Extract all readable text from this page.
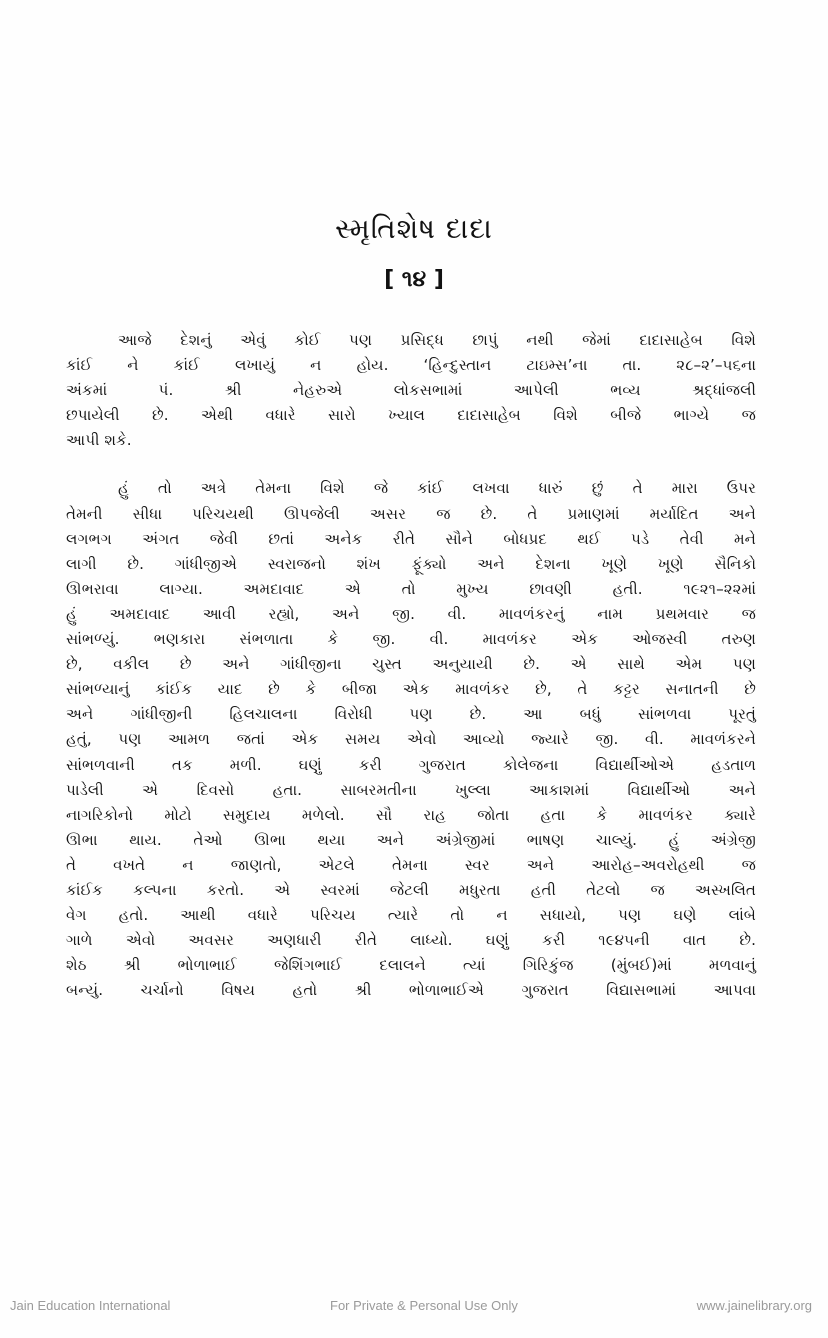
સ્મૃતિશેષ દાદા
[ ૧૪ ]
આજે દેશનું એવું કોઈ પણ પ્રસિદ્ધ છાપું નથી જેમાં દાદાસાહેબ વિશે
કાંઈ ને કાંઈ લખાયું ન હોય. ‘હિન્દુસ્તાન ટાઇમ્સ’ના તા. ૨૮–૨’–૫૬ના
અંકમાં પં. શ્રી નેહરુએ લોકસભામાં આપેલી ભવ્ય શ્રદ્ધાંજલી
છપાયેલી છે. એથી વધારે સારો ખ્યાલ દાદાસાહેબ વિશે બીજે ભાગ્યે જ
આપી શકે.
હું તો અત્રે તેમના વિશે જે કાંઈ લખવા ધારું છું તે મારા ઉપર
તેમની સીધા પરિચયથી ઊપજેલી અસર જ છે. તે પ્રમાણમાં મર્યાદિત અને
લગભગ અંગત જેવી છતાં અનેક રીતે સૌને બોધપ્રદ થઈ પડે તેવી મને
લાગી છે. ગાંધીજીએ સ્વરાજનો શંખ ફૂંક્યો અને દેશના ખૂણે ખૂણે સૈનિકો
ઊભરાવા લાગ્યા. અમદાવાદ એ તો મુખ્ય છાવણી હતી. ૧૯૨૧–૨૨માં
હું અમદાવાદ આવી રહ્યો, અને જી. વી. માવળંકરનું નામ પ્રથમવાર જ
સાંભળ્યું. ભણકારા સંભળાતા કે જી. વી. માવળંકર એક ઓજસ્વી તરુણ
છે, વકીલ છે અને ગાંધીજીના ચુસ્ત અનુયાયી છે. એ સાથે એમ પણ
સાંભળ્યાનું કાંઈક યાદ છે કે બીજા એક માવળંકર છે, તે કટ્ટર સનાતની છે
અને ગાંધીજીની હિલચાલના વિરોધી પણ છે. આ બધું સાંભળવા પૂરતું
હતું, પણ આમળ જતાં એક સમય એવો આવ્યો જ્યારે જી. વી. માવળંકરને
સાંભળવાની તક મળી. ઘણું કરી ગુજરાત કોલેજના વિદ્યાર્થીઓએ હડતાળ
પાડેલી એ દિવસો હતા. સાબરમતીના ખુલ્લા આકાશમાં વિદ્યાર્થીઓ અને
નાગરિકોનો મોટો સમુદાય મળેલો. સૌ રાહ જોતા હતા કે માવળંકર ક્યારે
ઊભા થાય. તેઓ ઊભા થયા અને અંગ્રેજીમાં ભાષણ ચાલ્યું. હું અંગ્રેજી
તે વખતે ન જાણતો, એટલે તેમના સ્વર અને આરોહ–અવરોહથી જ
કાંઈક કલ્પના કરતો. એ સ્વરમાં જેટલી મધુરતા હતી તેટલો જ અસ્ખલિત
વેગ હતો. આથી વધારે પરિચય ત્યારે તો ન સધાયો, પણ ઘણે લાંબે
ગાળે એવો અવસર અણધારી રીતે લાધ્યો. ઘણું કરી ૧૯૪૫ની વાત છે.
શેઠ શ્રી ભોળાભાઈ જેશિંગભાઈ દલાલને ત્યાં ગિરિકુંજ (મુંબઈ)માં મળવાનું
બન્યું. ચર્ચાનો વિષય હતો શ્રી ભોળાભાઈએ ગુજરાત વિદ્યાસભામાં આપવા
Jain Education International	For Private & Personal Use Only	www.jainelibrary.org
